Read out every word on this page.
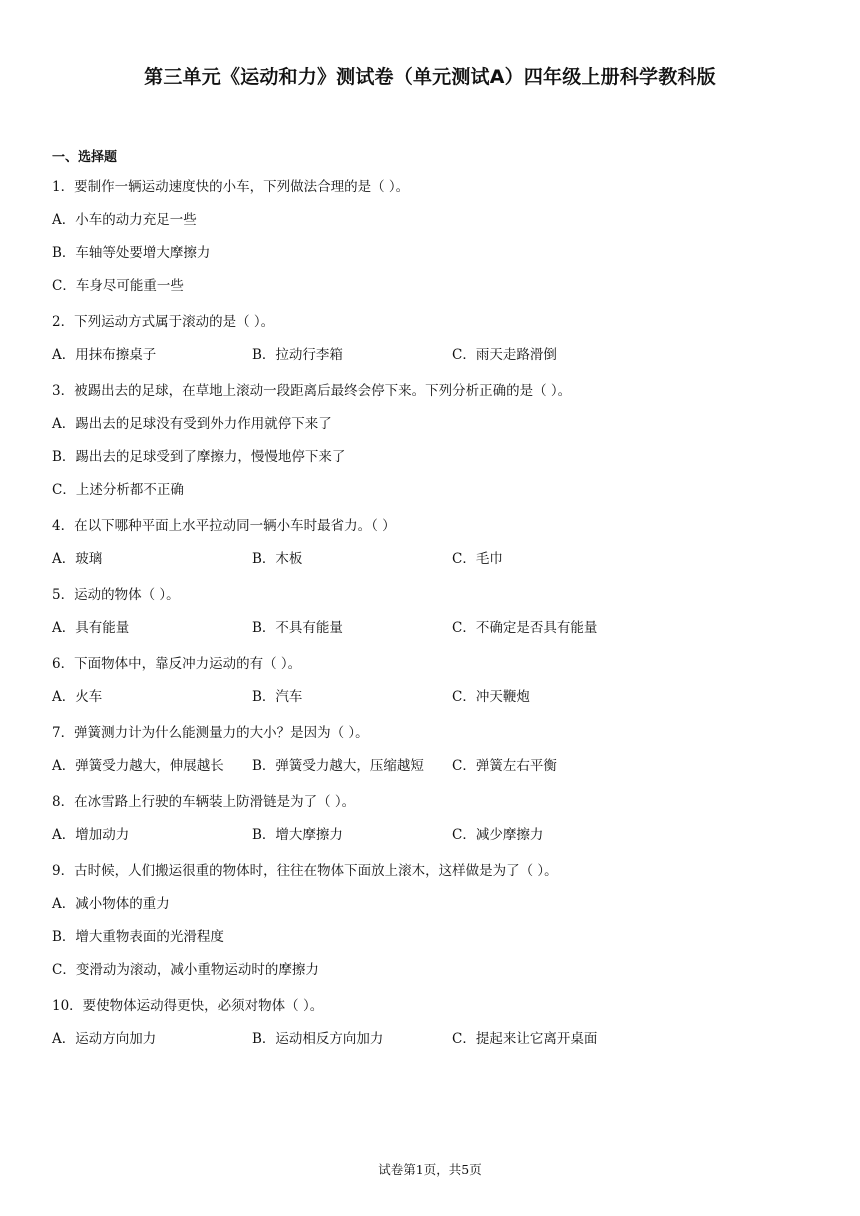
第三单元《运动和力》测试卷（单元测试A）四年级上册科学教科版
一、选择题
1．要制作一辆运动速度快的小车，下列做法合理的是（ ）。
A．小车的动力充足一些
B．车轴等处要增大摩擦力
C．车身尽可能重一些
2．下列运动方式属于滚动的是（ ）。
A．用抹布擦桌子	B．拉动行李箱	C．雨天走路滑倒
3．被踢出去的足球，在草地上滚动一段距离后最终会停下来。下列分析正确的是（ ）。
A．踢出去的足球没有受到外力作用就停下来了
B．踢出去的足球受到了摩擦力，慢慢地停下来了
C．上述分析都不正确
4．在以下哪种平面上水平拉动同一辆小车时最省力。（ ）
A．玻璃	B．木板	C．毛巾
5．运动的物体（ ）。
A．具有能量	B．不具有能量	C．不确定是否具有能量
6．下面物体中，靠反冲力运动的有（ ）。
A．火车	B．汽车	C．冲天鞭炮
7．弹簧测力计为什么能测量力的大小？是因为（ ）。
A．弹簧受力越大，伸展越长	B．弹簧受力越大，压缩越短	C．弹簧左右平衡
8．在冰雪路上行驶的车辆装上防滑链是为了（ ）。
A．增加动力	B．增大摩擦力	C．减少摩擦力
9．古时候，人们搬运很重的物体时，往往在物体下面放上滚木，这样做是为了（ ）。
A．减小物体的重力
B．增大重物表面的光滑程度
C．变滑动为滚动，减小重物运动时的摩擦力
10．要使物体运动得更快，必须对物体（ ）。
A．运动方向加力	B．运动相反方向加力	C．提起来让它离开桌面
试卷第1页，共5页
